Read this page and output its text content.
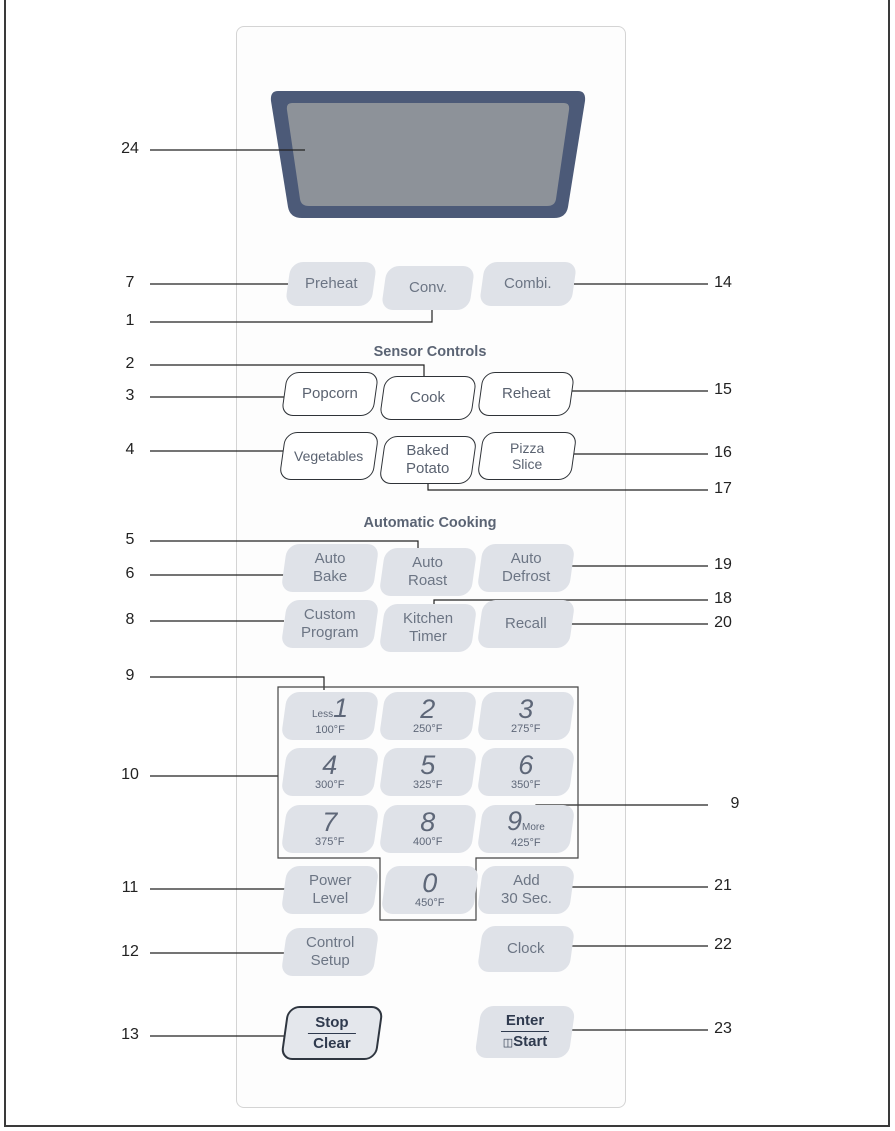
24
7	14
1
2
3	15
4	16
17
5
6
19
18
8	20
9
10
9
11	21
12	22
13	23
Preheat	Conv.	Combi.
Sensor Controls
Popcorn	Cook	Reheat
Vegetables	Baked
Potato
Pizza
Slice
Automatic Cooking
Auto
Bake
Auto
Roast
Auto
Defrost
Custom
Program
Kitchen
Timer
Recall
Less1
100°F
2
250°F
3
275°F
4
300°F
5
325°F
6
350°F
7
375°F
8
400°F
9More
425°F
Power
Level
0
450°F
Add
30 Sec.
Control
Setup
Clock
Stop
Clear
Enter
◫Start
